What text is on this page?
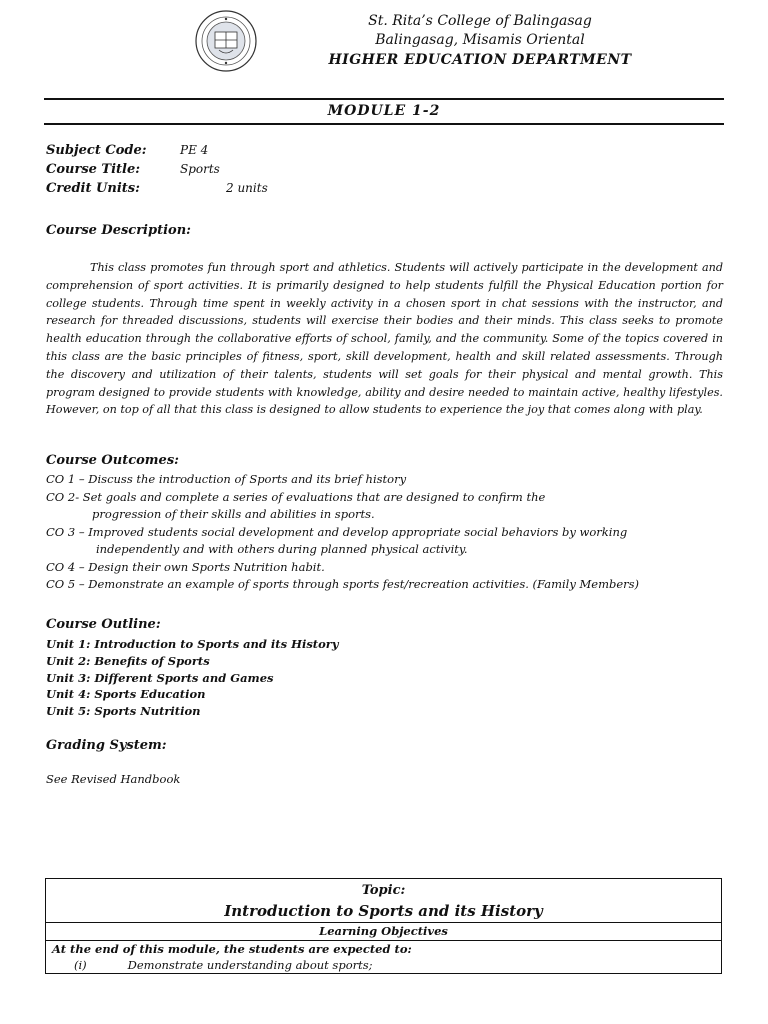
St. Rita’s College of Balingasag
Balingasag, Misamis Oriental
HIGHER EDUCATION DEPARTMENT
MODULE 1-2
Subject Code:	PE 4
Course Title:	Sports
Credit Units:	2 units
Course Description:
This class promotes fun through sport and athletics. Students will actively participate in the development and comprehension of sport activities. It is primarily designed to help students fulfill the Physical Education portion for college students. Through time spent in weekly activity in a chosen sport in chat sessions with the instructor, and research for threaded discussions, students will exercise their bodies and their minds. This class seeks to promote health education through the collaborative efforts of school, family, and the community. Some of the topics covered in this class are the basic principles of fitness, sport, skill development, health and skill related assessments. Through the discovery and utilization of their talents, students will set goals for their physical and mental growth. This program designed to provide students with knowledge, ability and desire needed to maintain active, healthy lifestyles. However, on top of all that this class is designed to allow students to experience the joy that comes along with play.
Course Outcomes:
CO 1 – Discuss the introduction of Sports and its brief history
CO 2- Set goals and complete a series of evaluations that are designed to confirm the
progression of their skills and abilities in sports.
CO 3 – Improved students social development and develop appropriate social behaviors by working
independently and with others during planned physical activity.
CO 4 – Design their own Sports Nutrition habit.
CO 5 – Demonstrate an example of sports through sports fest/recreation activities. (Family Members)
Course Outline:
Unit 1: Introduction to Sports and its History
Unit 2: Benefits of Sports
Unit 3: Different Sports and Games
Unit 4: Sports Education
Unit 5: Sports Nutrition
Grading System:
See Revised Handbook
Topic:
Introduction to Sports and its History
Learning Objectives
At the end of this module, the students are expected to:
(i)	Demonstrate understanding about sports;
